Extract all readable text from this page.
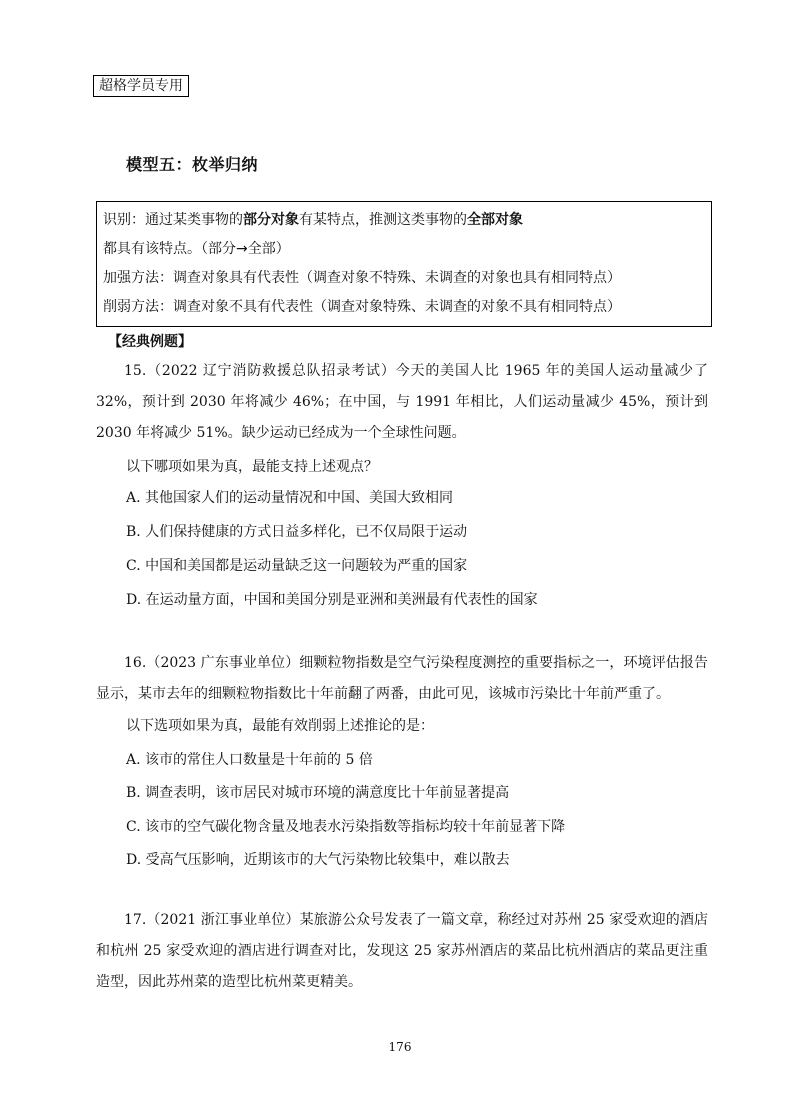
超格学员专用
模型五：枚举归纳
识别：通过某类事物的部分对象有某特点，推测这类事物的全部对象都具有该特点。（部分→全部）
加强方法：调查对象具有代表性（调查对象不特殊、未调查的对象也具有相同特点）
削弱方法：调查对象不具有代表性（调查对象特殊、未调查的对象不具有相同特点）
【经典例题】
15.（2022 辽宁消防救援总队招录考试）今天的美国人比 1965 年的美国人运动量减少了 32%，预计到 2030 年将减少 46%；在中国，与 1991 年相比，人们运动量减少 45%，预计到 2030 年将减少 51%。缺少运动已经成为一个全球性问题。
以下哪项如果为真，最能支持上述观点？
A. 其他国家人们的运动量情况和中国、美国大致相同
B. 人们保持健康的方式日益多样化，已不仅局限于运动
C. 中国和美国都是运动量缺乏这一问题较为严重的国家
D. 在运动量方面，中国和美国分别是亚洲和美洲最有代表性的国家
16.（2023 广东事业单位）细颗粒物指数是空气污染程度测控的重要指标之一，环境评估报告显示，某市去年的细颗粒物指数比十年前翻了两番，由此可见，该城市污染比十年前严重了。
以下选项如果为真，最能有效削弱上述推论的是：
A. 该市的常住人口数量是十年前的 5 倍
B. 调查表明，该市居民对城市环境的满意度比十年前显著提高
C. 该市的空气碳化物含量及地表水污染指数等指标均较十年前显著下降
D. 受高气压影响，近期该市的大气污染物比较集中，难以散去
17.（2021 浙江事业单位）某旅游公众号发表了一篇文章，称经过对苏州 25 家受欢迎的酒店和杭州 25 家受欢迎的酒店进行调查对比，发现这 25 家苏州酒店的菜品比杭州酒店的菜品更注重造型，因此苏州菜的造型比杭州菜更精美。
176
